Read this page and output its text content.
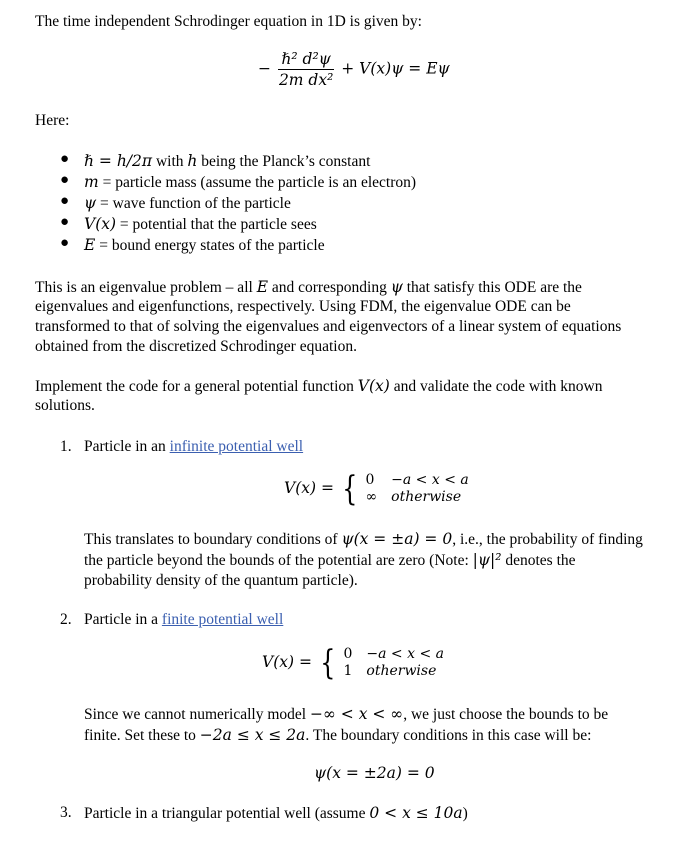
The time independent Schrodinger equation in 1D is given by:

− $\frac{\text{ℏ² d²ψ}}{\text{2m dx²}} + V(x)\psi = E\psi$

Here:

● ℏ = h/2π with h being the Planck’s constant
● m = particle mass (assume the particle is an electron)
● ψ = wave function of the particle
● V(x) = potential that the particle sees
● E = bound energy states of the particle

This is an eigenvalue problem – all E and corresponding ψ that satisfy this ODE are the

eigenvalues and eigenfunctions, respectively. Using FDM, the eigenvalue ODE can be

transformed to that of solving the eigenvalues and eigenvectors of a linear system of equations

obtained from the discretized Schrodinger equation.

Implement the code for a general potential function V(x) and validate the code with known

solutions.

1. Particle in an infinite potential well
V(x) = { 0 −a < x < a
∞ otherwise
This translates to boundary conditions of ψ(x = ±a) = 0, i.e., the probability of finding
the particle beyond the bounds of the potential are zero (Note: |ψ|² denotes the
probability density of the quantum particle).
2. Particle in a finite potential well
V(x) = { 0 −a < x < a
1 otherwise
Since we cannot numerically model −∞ < x < ∞, we just choose the bounds to be
finite. Set these to −2a ≤ x ≤ 2a. The boundary conditions in this case will be:
ψ(x = ±2a) = 0
3. Particle in a triangular potential well (assume 0 < x ≤ 10a)
